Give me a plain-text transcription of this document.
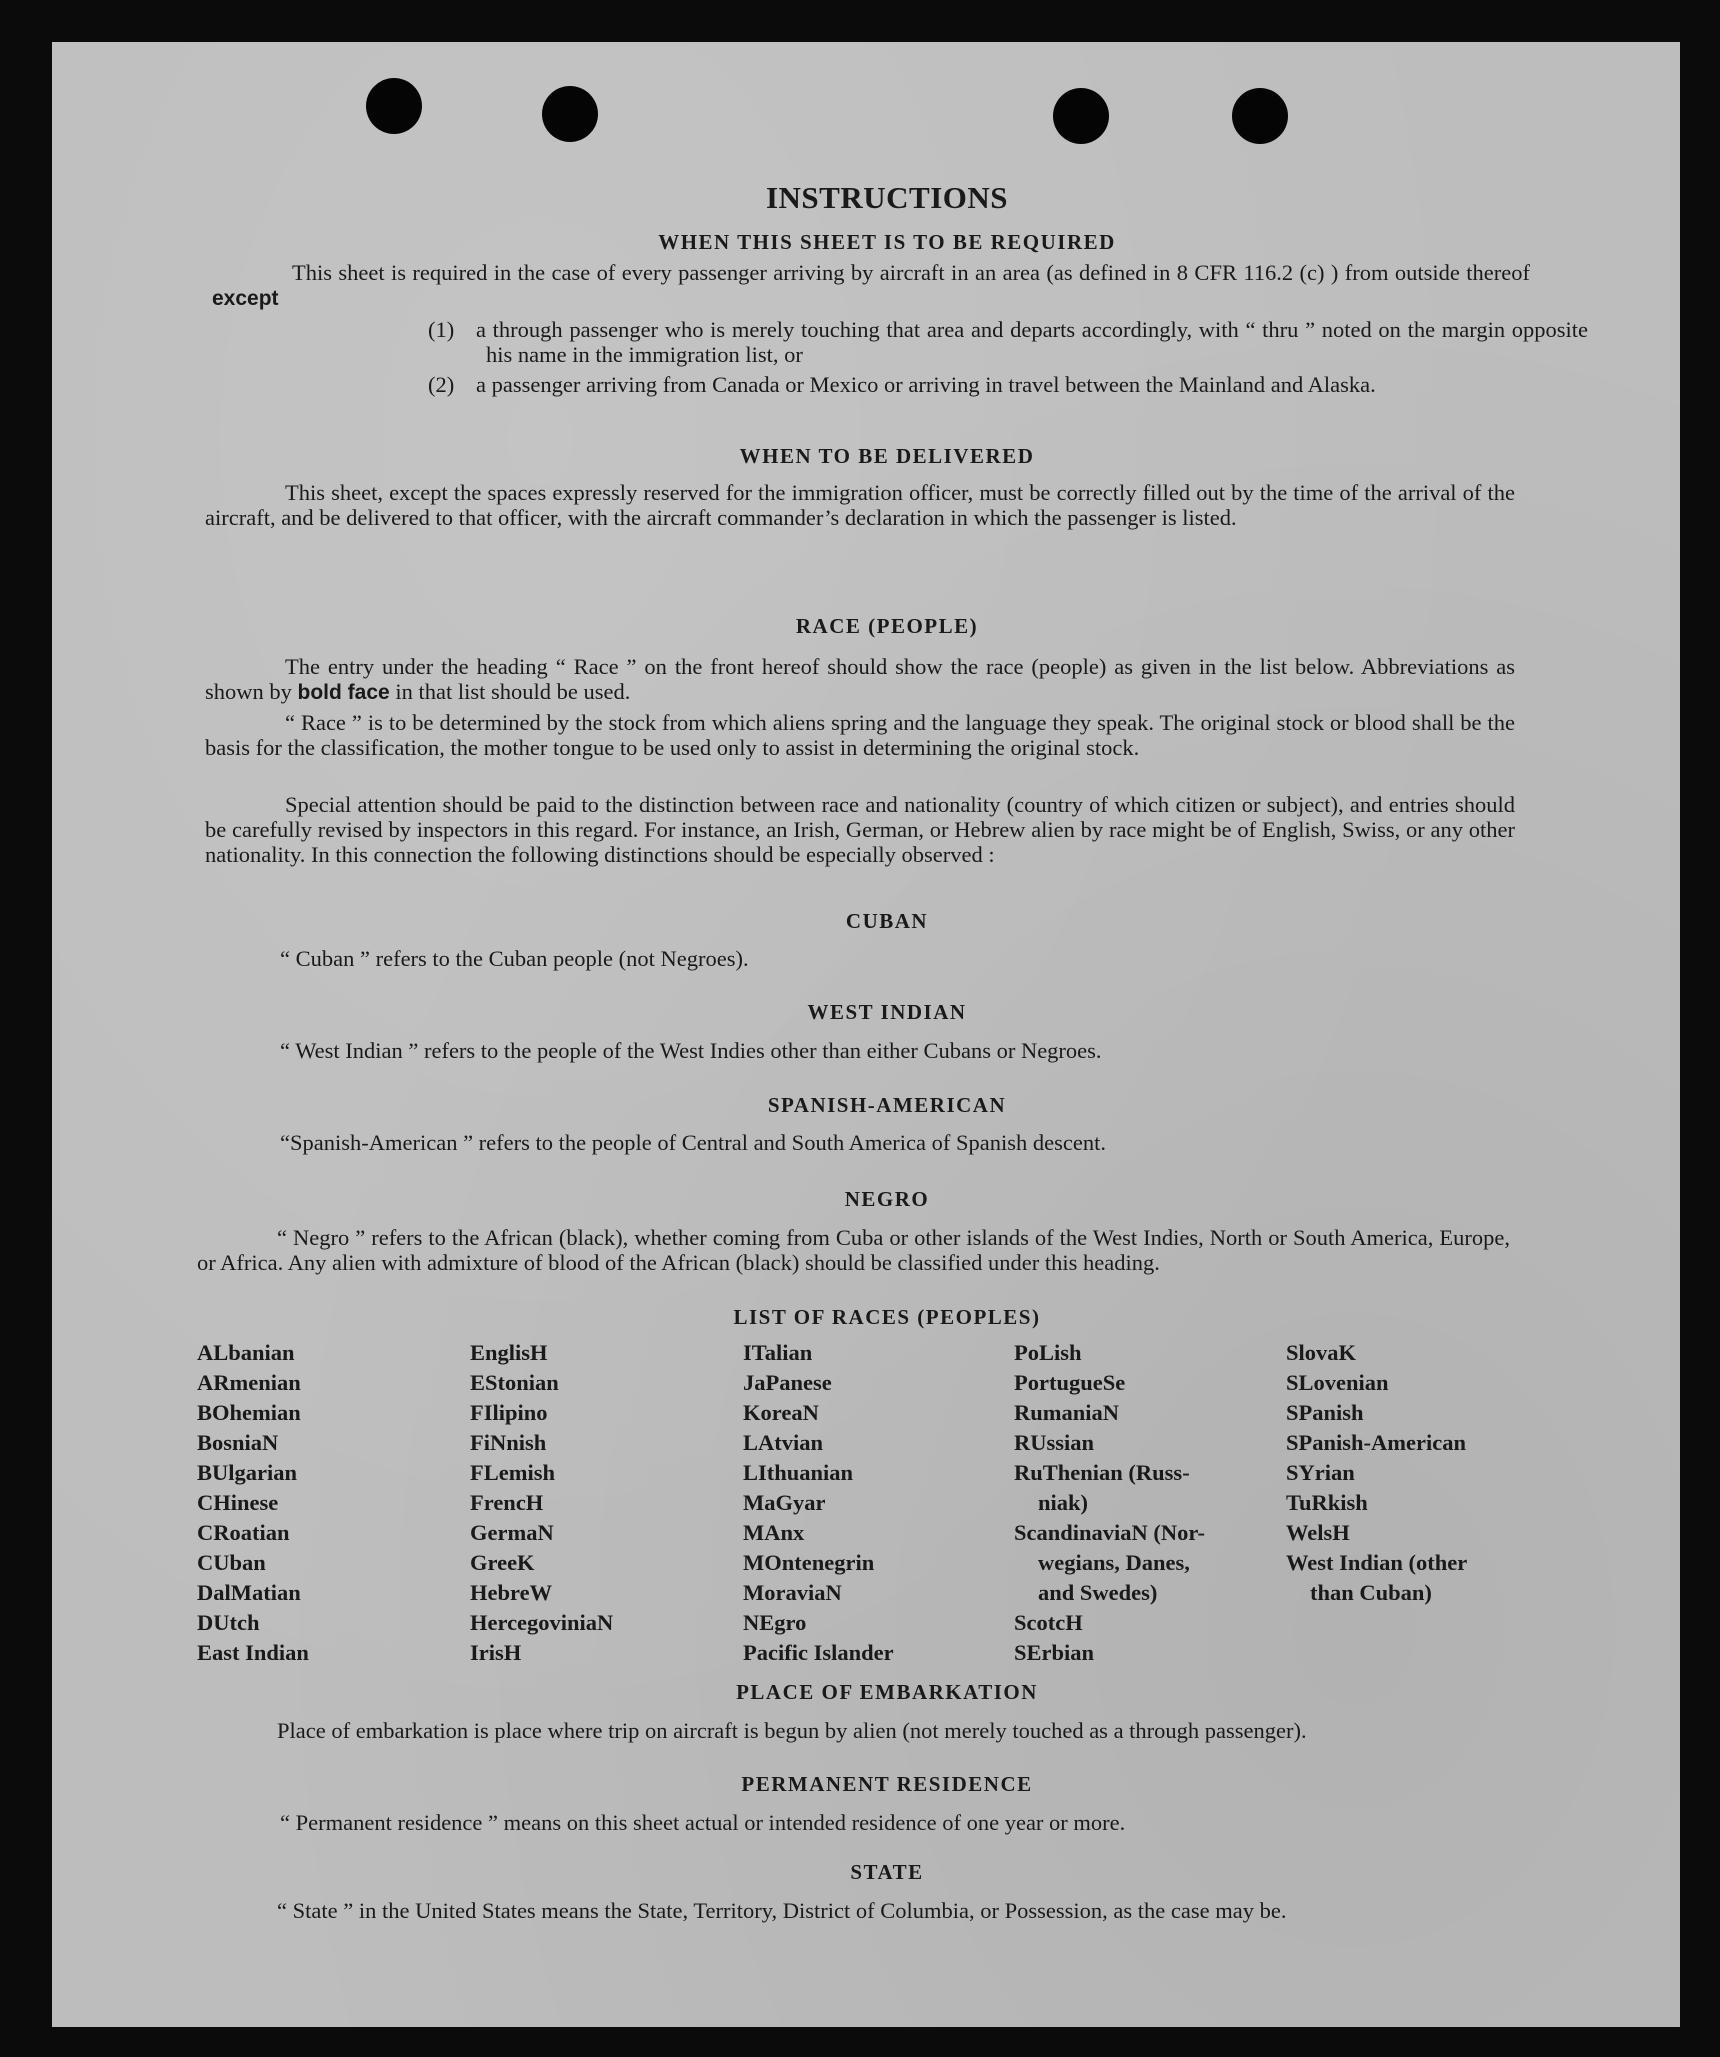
INSTRUCTIONS
WHEN THIS SHEET IS TO BE REQUIRED
This sheet is required in the case of every passenger arriving by aircraft in an area (as defined in 8 CFR 116.2 (c) ) from outside thereof except
(1) a through passenger who is merely touching that area and departs accordingly, with “ thru ” noted on the margin opposite his name in the immigration list, or
(2) a passenger arriving from Canada or Mexico or arriving in travel between the Mainland and Alaska.
WHEN TO BE DELIVERED
This sheet, except the spaces expressly reserved for the immigration officer, must be correctly filled out by the time of the arrival of the aircraft, and be delivered to that officer, with the aircraft commander’s declaration in which the passenger is listed.
RACE (PEOPLE)
The entry under the heading “ Race ” on the front hereof should show the race (people) as given in the list below. Abbreviations as shown by bold face in that list should be used.
“ Race ” is to be determined by the stock from which aliens spring and the language they speak. The original stock or blood shall be the basis for the classification, the mother tongue to be used only to assist in determining the original stock.
Special attention should be paid to the distinction between race and nationality (country of which citizen or subject), and entries should be carefully revised by inspectors in this regard. For instance, an Irish, German, or Hebrew alien by race might be of English, Swiss, or any other nationality. In this connection the following distinctions should be especially observed :
CUBAN
“ Cuban ” refers to the Cuban people (not Negroes).
WEST INDIAN
“ West Indian ” refers to the people of the West Indies other than either Cubans or Negroes.
SPANISH-AMERICAN
“Spanish-American ” refers to the people of Central and South America of Spanish descent.
NEGRO
“ Negro ” refers to the African (black), whether coming from Cuba or other islands of the West Indies, North or South America, Europe, or Africa. Any alien with admixture of blood of the African (black) should be classified under this heading.
LIST OF RACES (PEOPLES)
ALbanian
ARmenian
BOhemian
BosniaN
BUlgarian
CHinese
CRoatian
CUban
DalMatian
DUtch
East Indian
EnglisH
EStonian
FIlipino
FiNnish
FLemish
FrencH
GermaN
GreeK
HebreW
HercegoviniaN
IrisH
ITalian
JaPanese
KoreaN
LAtvian
LIthuanian
MaGyar
MAnx
MOntenegrin
MoraviaN
NEgro
Pacific Islander
PoLish
PortugueSe
RumaniaN
RUssian
RuThenian (Russ-
niak)
ScandinaviaN (Nor-
wegians, Danes,
and Swedes)
ScotcH
SErbian
SlovaK
SLovenian
SPanish
SPanish-American
SYrian
TuRkish
WelsH
West Indian (other
than Cuban)
PLACE OF EMBARKATION
Place of embarkation is place where trip on aircraft is begun by alien (not merely touched as a through passenger).
PERMANENT RESIDENCE
“ Permanent residence ” means on this sheet actual or intended residence of one year or more.
STATE
“ State ” in the United States means the State, Territory, District of Columbia, or Possession, as the case may be.
